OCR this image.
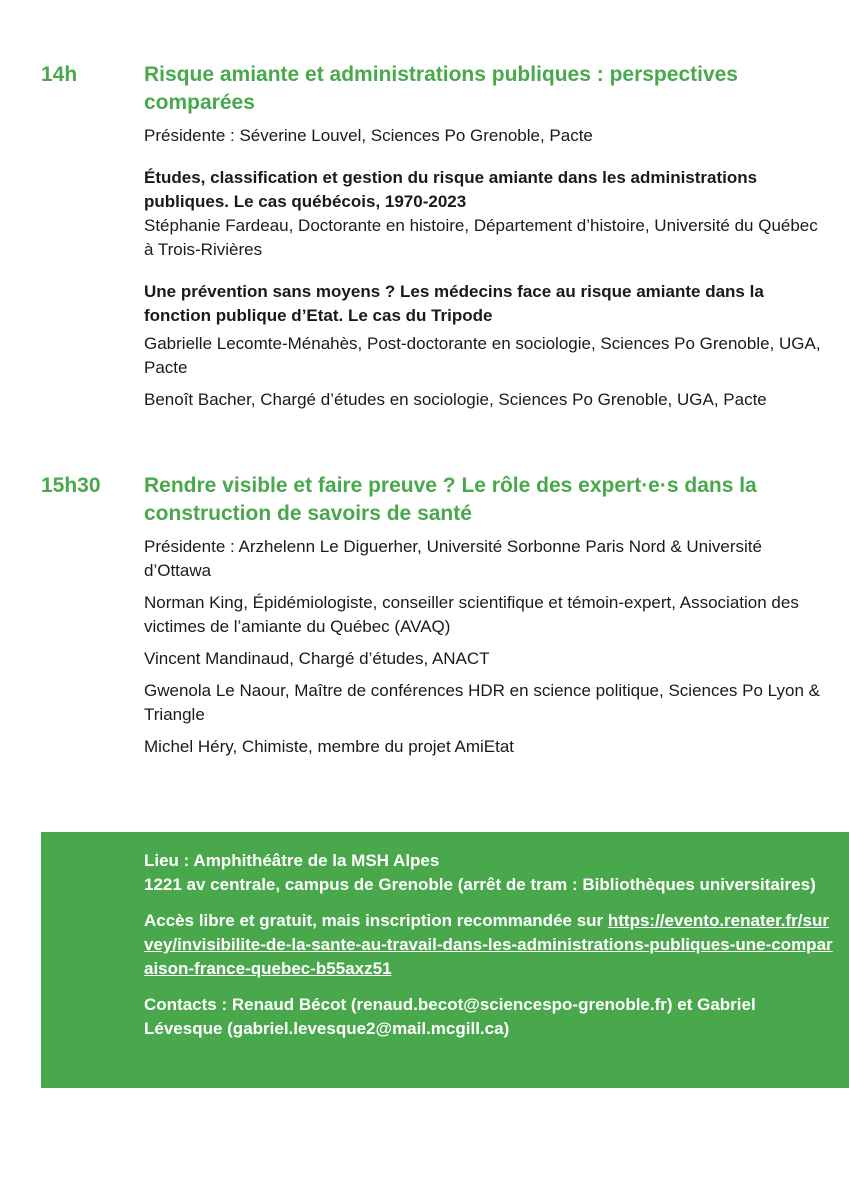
14h	Risque amiante et administrations publiques : perspectives comparées

Présidente : Séverine Louvel, Sciences Po Grenoble, Pacte

Études, classification et gestion du risque amiante dans les administrations publiques. Le cas québécois, 1970-2023

Stéphanie Fardeau, Doctorante en histoire, Département d’histoire, Université du Québec à Trois-Rivières

Une prévention sans moyens ? Les médecins face au risque amiante dans la fonction publique d’Etat. Le cas du Tripode

Gabrielle Lecomte-Ménahès, Post-doctorante en sociologie, Sciences Po Grenoble, UGA, Pacte

Benoît Bacher, Chargé d’études en sociologie, Sciences Po Grenoble, UGA, Pacte

15h30 Rendre visible et faire preuve ? Le rôle des expert·e·s dans la construction de savoirs de santé

Présidente : Arzhelenn Le Diguerher, Université Sorbonne Paris Nord & Université d’Ottawa

Norman King, Épidémiologiste, conseiller scientifique et témoin-expert, Association des victimes de l’amiante du Québec (AVAQ)

Vincent Mandinaud, Chargé d’études, ANACT

Gwenola Le Naour, Maître de conférences HDR en science politique, Sciences Po Lyon & Triangle

Michel Héry, Chimiste, membre du projet AmiEtat

Lieu : Amphithéâtre de la MSH Alpes

1221 av centrale, campus de Grenoble (arrêt de tram : Bibliothèques universitaires)

Accès libre et gratuit, mais inscription recommandée sur https://evento.renater.fr/survey/invisibilite-de-la-sante-au-travail-dans-les-administrations-publiques-une-comparaison-france-quebec-b55axz51

Contacts : Renaud Bécot (renaud.becot@sciencespo-grenoble.fr) et Gabriel Lévesque (gabriel.levesque2@mail.mcgill.ca)
